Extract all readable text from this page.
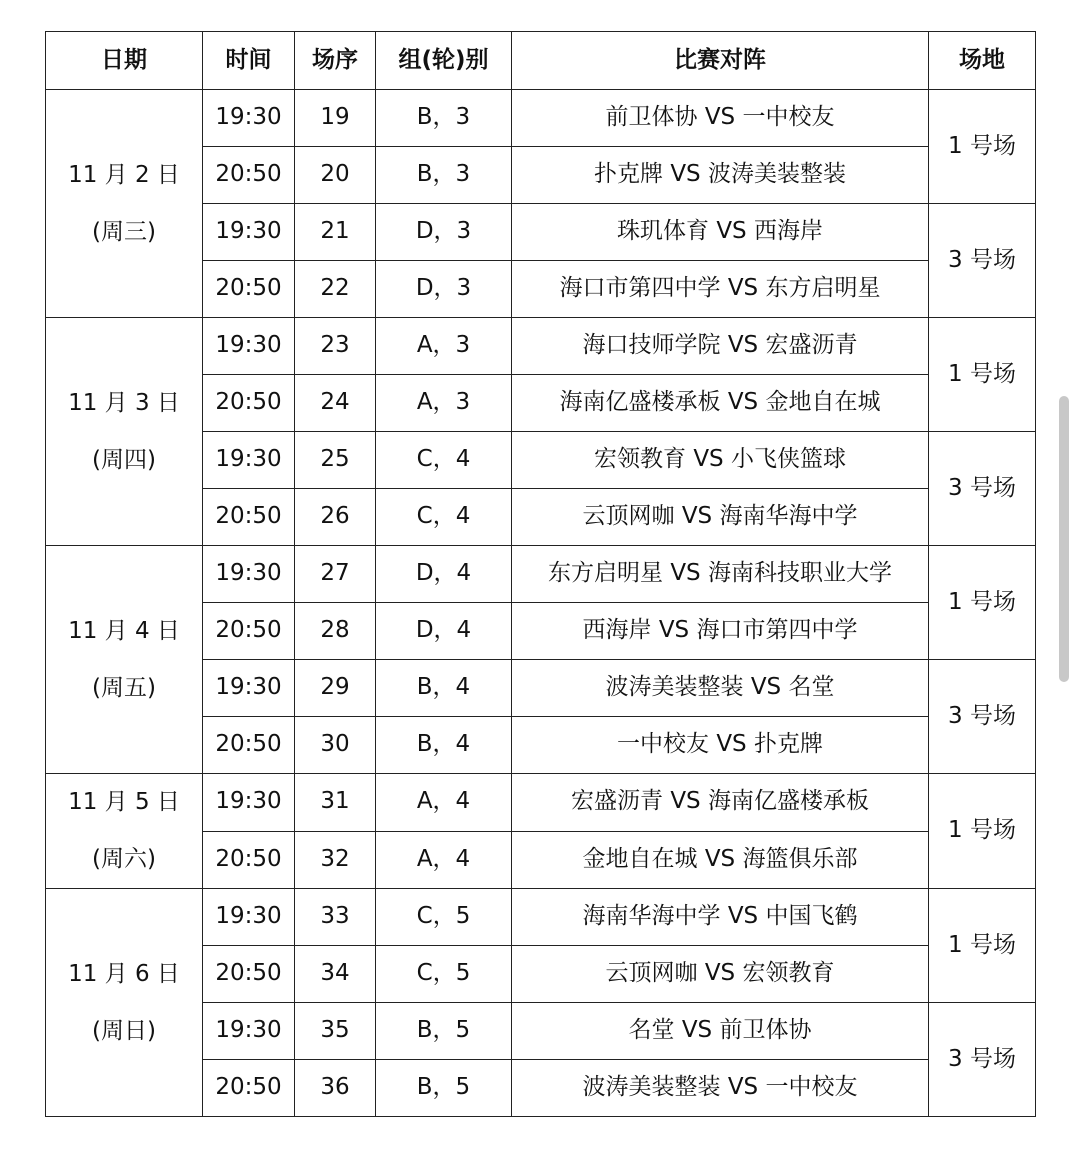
日期	时间	场序	组(轮)别	比赛对阵	场地

11 月 2 日
(周三)	19:30	19	B，3	前卫体协 VS 一中校友	1 号场
	20:50	20	B，3	扑克牌 VS 波涛美装整装	
	19:30	21	D，3	珠玑体育 VS 西海岸	3 号场
	20:50	22	D，3	海口市第四中学 VS 东方启明星	

11 月 3 日
(周四)	19:30	23	A，3	海口技师学院 VS 宏盛沥青	1 号场
	20:50	24	A，3	海南亿盛楼承板 VS 金地自在城	
	19:30	25	C，4	宏领教育 VS 小飞侠篮球	3 号场
	20:50	26	C，4	云顶网咖 VS 海南华海中学	

11 月 4 日
(周五)	19:30	27	D，4	东方启明星 VS 海南科技职业大学	1 号场
	20:50	28	D，4	西海岸 VS 海口市第四中学	
	19:30	29	B，4	波涛美装整装 VS 名堂	3 号场
	20:50	30	B，4	一中校友 VS 扑克牌	

11 月 5 日
(周六)	19:30	31	A，4	宏盛沥青 VS 海南亿盛楼承板	1 号场
	20:50	32	A，4	金地自在城 VS 海篮俱乐部	

11 月 6 日
(周日)	19:30	33	C，5	海南华海中学 VS 中国飞鹤	1 号场
	20:50	34	C，5	云顶网咖 VS 宏领教育	
	19:30	35	B，5	名堂 VS 前卫体协	3 号场
	20:50	36	B，5	波涛美装整装 VS 一中校友	
